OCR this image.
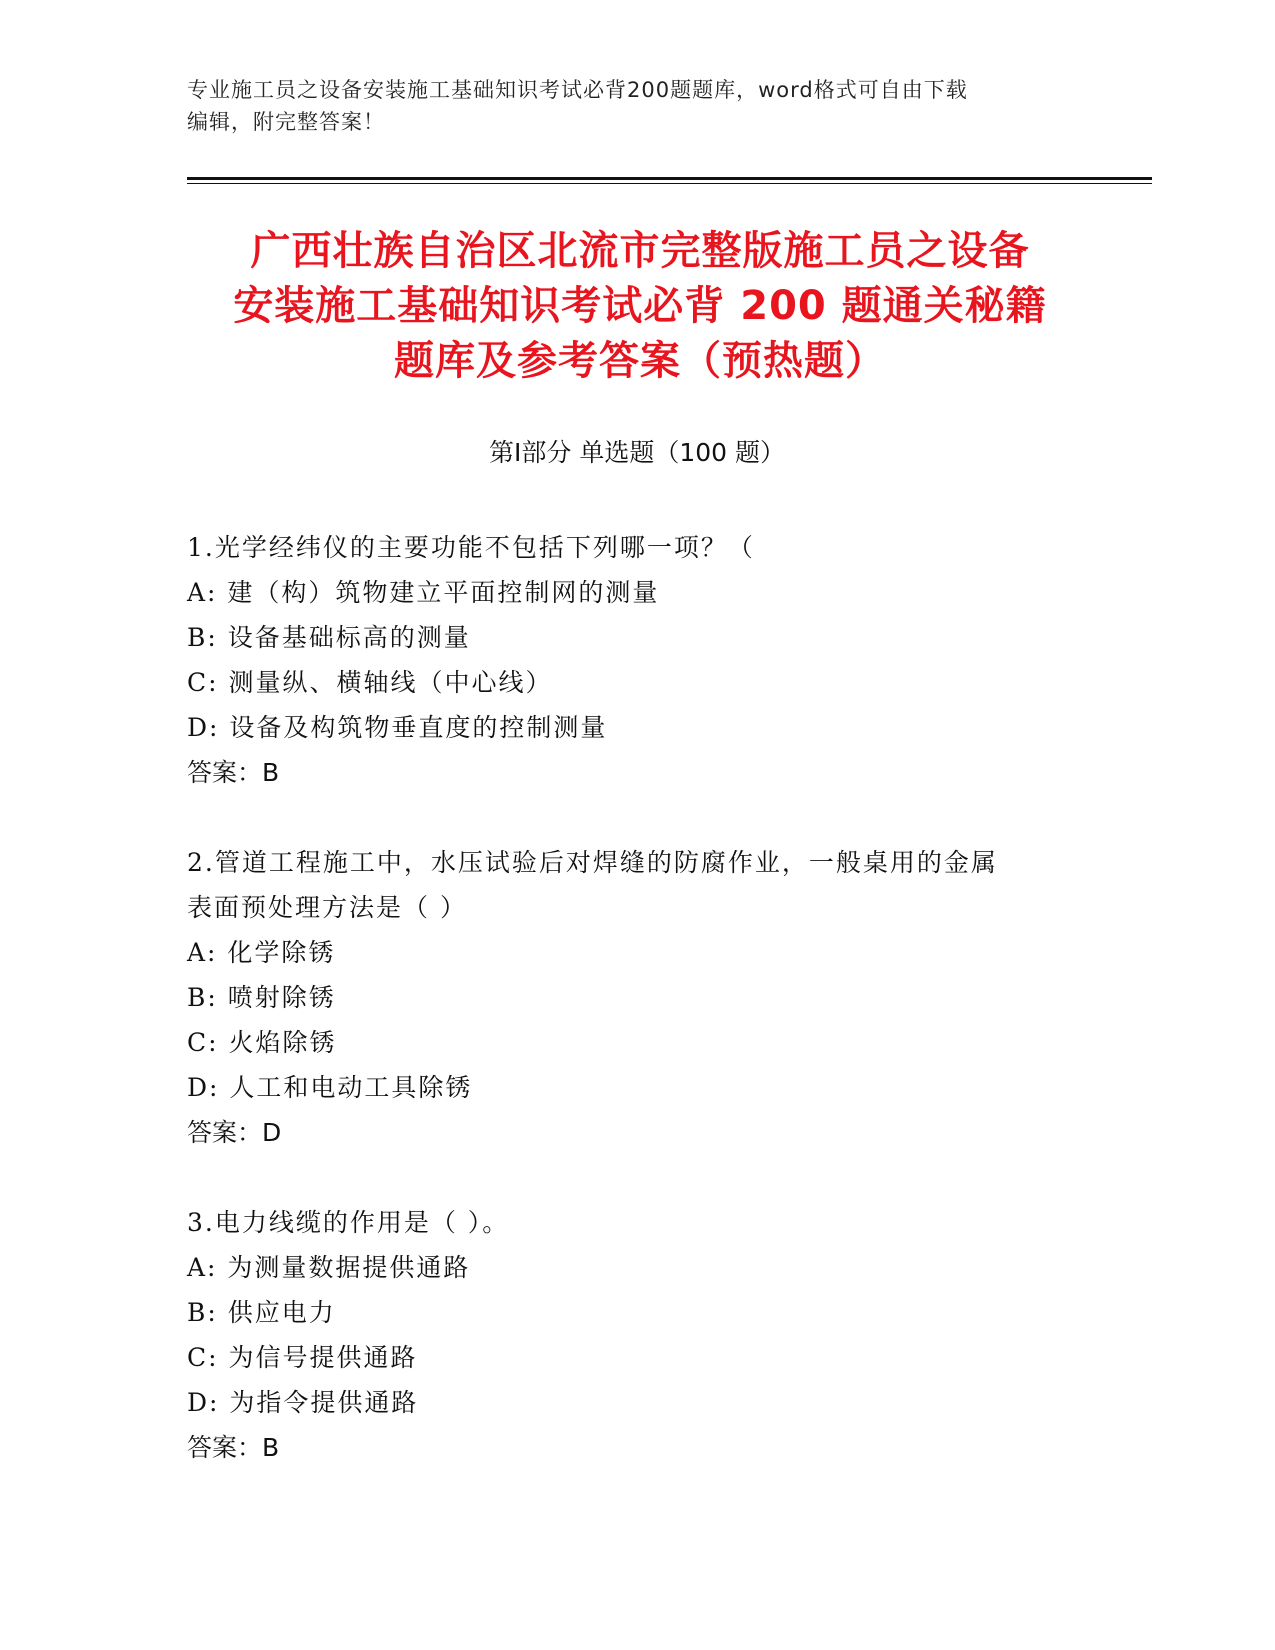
专业施工员之设备安装施工基础知识考试必背200题题库，word格式可自由下载
编辑，附完整答案！
广西壮族自治区北流市完整版施工员之设备
安装施工基础知识考试必背 200 题通关秘籍
题库及参考答案（预热题）
第Ⅰ部分 单选题（100 题）
1.光学经纬仪的主要功能不包括下列哪一项？（
A: 建（构）筑物建立平面控制网的测量
B: 设备基础标高的测量
C: 测量纵、横轴线（中心线）
D: 设备及构筑物垂直度的控制测量
答案：B
2.管道工程施工中，水压试验后对焊缝的防腐作业，一般桌用的金属
表面预处理方法是（ ）
A: 化学除锈
B: 喷射除锈
C: 火焰除锈
D: 人工和电动工具除锈
答案：D
3.电力线缆的作用是（ ）。
A: 为测量数据提供通路
B: 供应电力
C: 为信号提供通路
D: 为指令提供通路
答案：B
